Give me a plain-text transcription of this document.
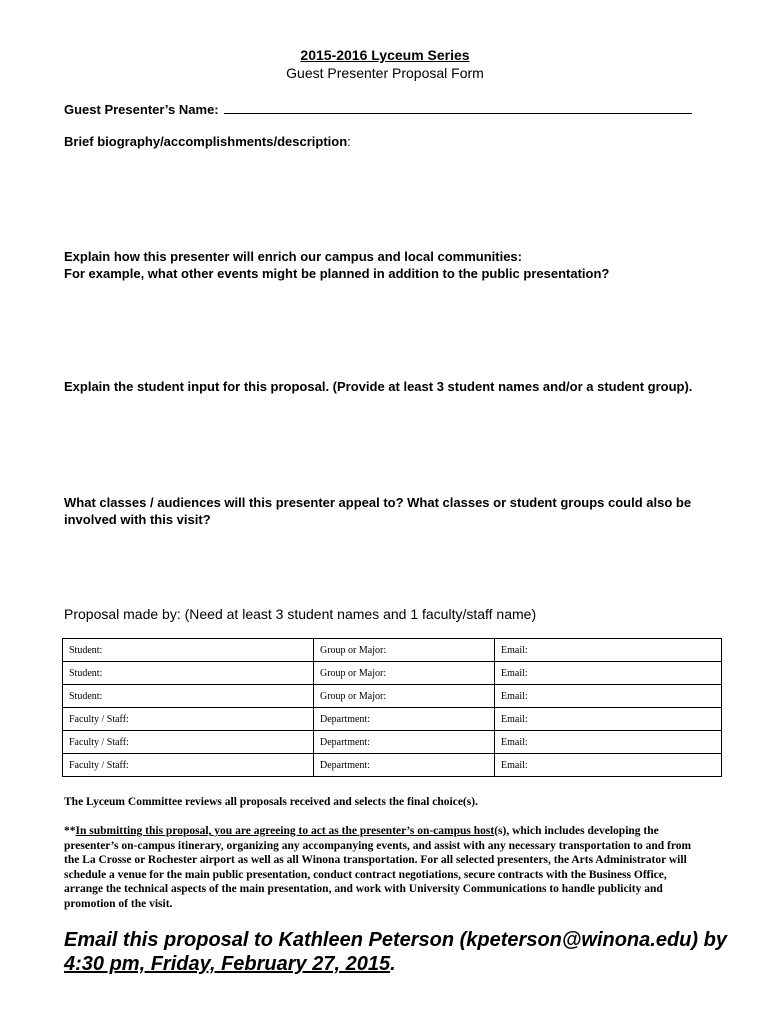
2015-2016 Lyceum Series
Guest Presenter Proposal Form
Guest Presenter’s Name:
Brief biography/accomplishments/description:
Explain how this presenter will enrich our campus and local communities:
For example, what other events might be planned in addition to the public presentation?
Explain the student input for this proposal. (Provide at least 3 student names and/or a student group).
What classes / audiences will this presenter appeal to? What classes or student groups could also be involved with this visit?
Proposal made by: (Need at least 3 student names and 1 faculty/staff name)
Student:	Group or Major:	Email:
Student:	Group or Major:	Email:
Student:	Group or Major:	Email:
Faculty / Staff:	Department:	Email:
Faculty / Staff:	Department:	Email:
Faculty / Staff:	Department:	Email:
The Lyceum Committee reviews all proposals received and selects the final choice(s).
**In submitting this proposal, you are agreeing to act as the presenter’s on-campus host(s), which includes developing the presenter’s on-campus itinerary, organizing any accompanying events, and assist with any necessary transportation to and from the La Crosse or Rochester airport as well as all Winona transportation. For all selected presenters, the Arts Administrator will schedule a venue for the main public presentation, conduct contract negotiations, secure contracts with the Business Office, arrange the technical aspects of the main presentation, and work with University Communications to handle publicity and promotion of the visit.
Email this proposal to Kathleen Peterson (kpeterson@winona.edu) by 4:30 pm, Friday, February 27, 2015.
